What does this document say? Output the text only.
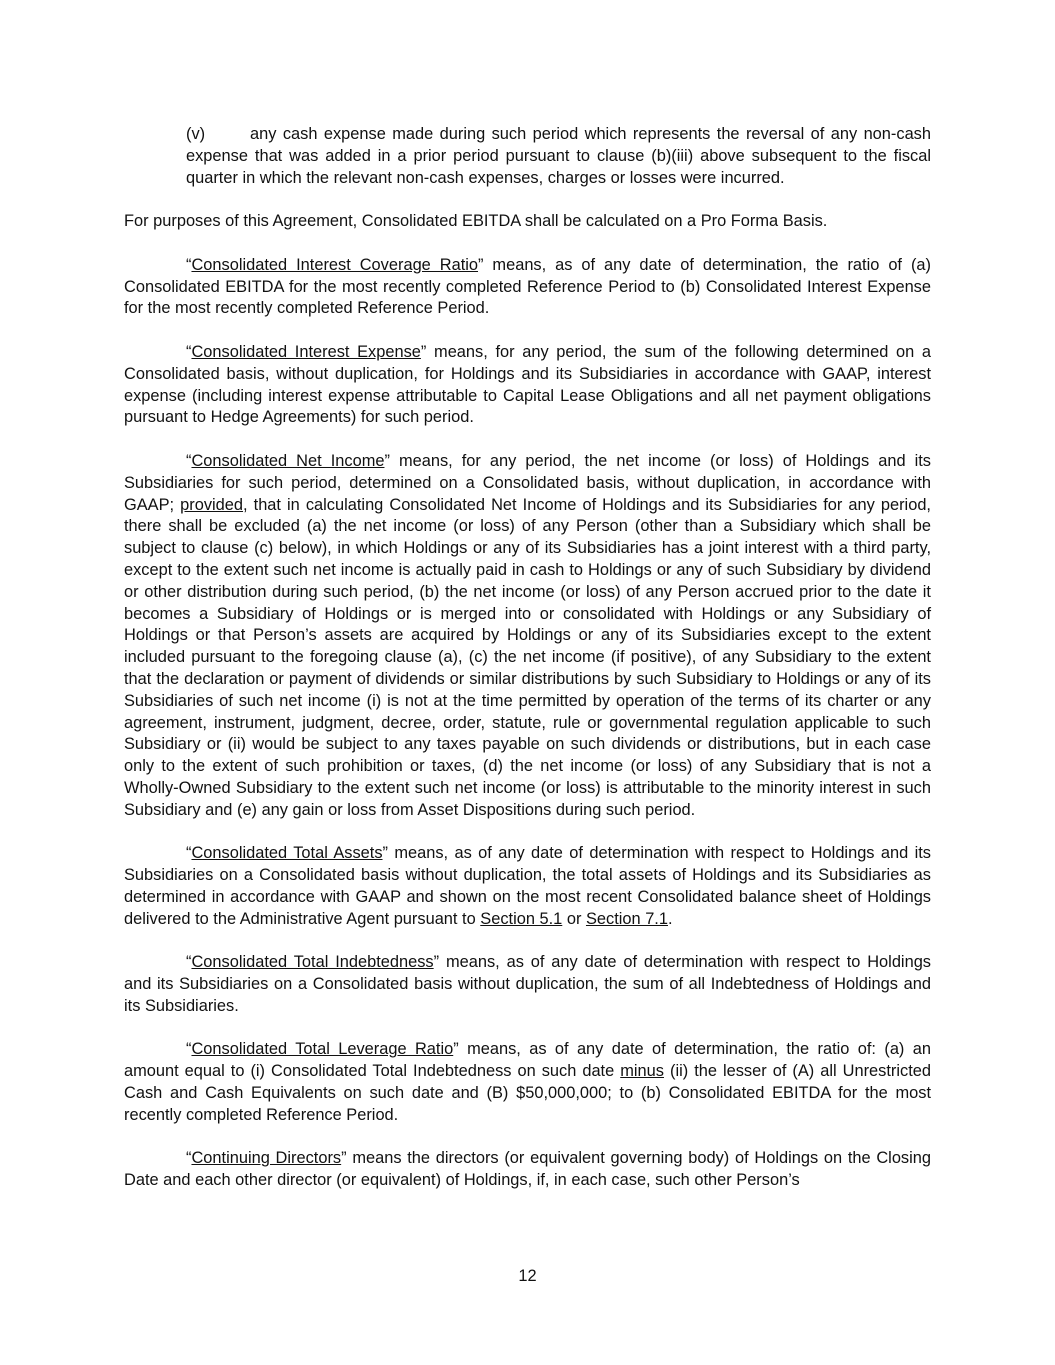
(v)	any cash expense made during such period which represents the reversal of any non-cash expense that was added in a prior period pursuant to clause (b)(iii) above subsequent to the fiscal quarter in which the relevant non-cash expenses, charges or losses were incurred.

For purposes of this Agreement, Consolidated EBITDA shall be calculated on a Pro Forma Basis.

“Consolidated Interest Coverage Ratio” means, as of any date of determination, the ratio of (a) Consolidated EBITDA for the most recently completed Reference Period to (b) Consolidated Interest Expense for the most recently completed Reference Period.

“Consolidated Interest Expense” means, for any period, the sum of the following determined on a Consolidated basis, without duplication, for Holdings and its Subsidiaries in accordance with GAAP, interest expense (including interest expense attributable to Capital Lease Obligations and all net payment obligations pursuant to Hedge Agreements) for such period.

“Consolidated Net Income” means, for any period, the net income (or loss) of Holdings and its Subsidiaries for such period, determined on a Consolidated basis, without duplication, in accordance with GAAP; provided, that in calculating Consolidated Net Income of Holdings and its Subsidiaries for any period, there shall be excluded (a) the net income (or loss) of any Person (other than a Subsidiary which shall be subject to clause (c) below), in which Holdings or any of its Subsidiaries has a joint interest with a third party, except to the extent such net income is actually paid in cash to Holdings or any of such Subsidiary by dividend or other distribution during such period, (b) the net income (or loss) of any Person accrued prior to the date it becomes a Subsidiary of Holdings or is merged into or consolidated with Holdings or any Subsidiary of Holdings or that Person’s assets are acquired by Holdings or any of its Subsidiaries except to the extent included pursuant to the foregoing clause (a), (c) the net income (if positive), of any Subsidiary to the extent that the declaration or payment of dividends or similar distributions by such Subsidiary to Holdings or any of its Subsidiaries of such net income (i) is not at the time permitted by operation of the terms of its charter or any agreement, instrument, judgment, decree, order, statute, rule or governmental regulation applicable to such Subsidiary or (ii) would be subject to any taxes payable on such dividends or distributions, but in each case only to the extent of such prohibition or taxes, (d) the net income (or loss) of any Subsidiary that is not a Wholly-Owned Subsidiary to the extent such net income (or loss) is attributable to the minority interest in such Subsidiary and (e) any gain or loss from Asset Dispositions during such period.

“Consolidated Total Assets” means, as of any date of determination with respect to Holdings and its Subsidiaries on a Consolidated basis without duplication, the total assets of Holdings and its Subsidiaries as determined in accordance with GAAP and shown on the most recent Consolidated balance sheet of Holdings delivered to the Administrative Agent pursuant to Section 5.1 or Section 7.1.

“Consolidated Total Indebtedness” means, as of any date of determination with respect to Holdings and its Subsidiaries on a Consolidated basis without duplication, the sum of all Indebtedness of Holdings and its Subsidiaries.

“Consolidated Total Leverage Ratio” means, as of any date of determination, the ratio of: (a) an amount equal to (i) Consolidated Total Indebtedness on such date minus (ii) the lesser of (A) all Unrestricted Cash and Cash Equivalents on such date and (B) $50,000,000; to (b) Consolidated EBITDA for the most recently completed Reference Period.

“Continuing Directors” means the directors (or equivalent governing body) of Holdings on the Closing Date and each other director (or equivalent) of Holdings, if, in each case, such other Person’s

12
